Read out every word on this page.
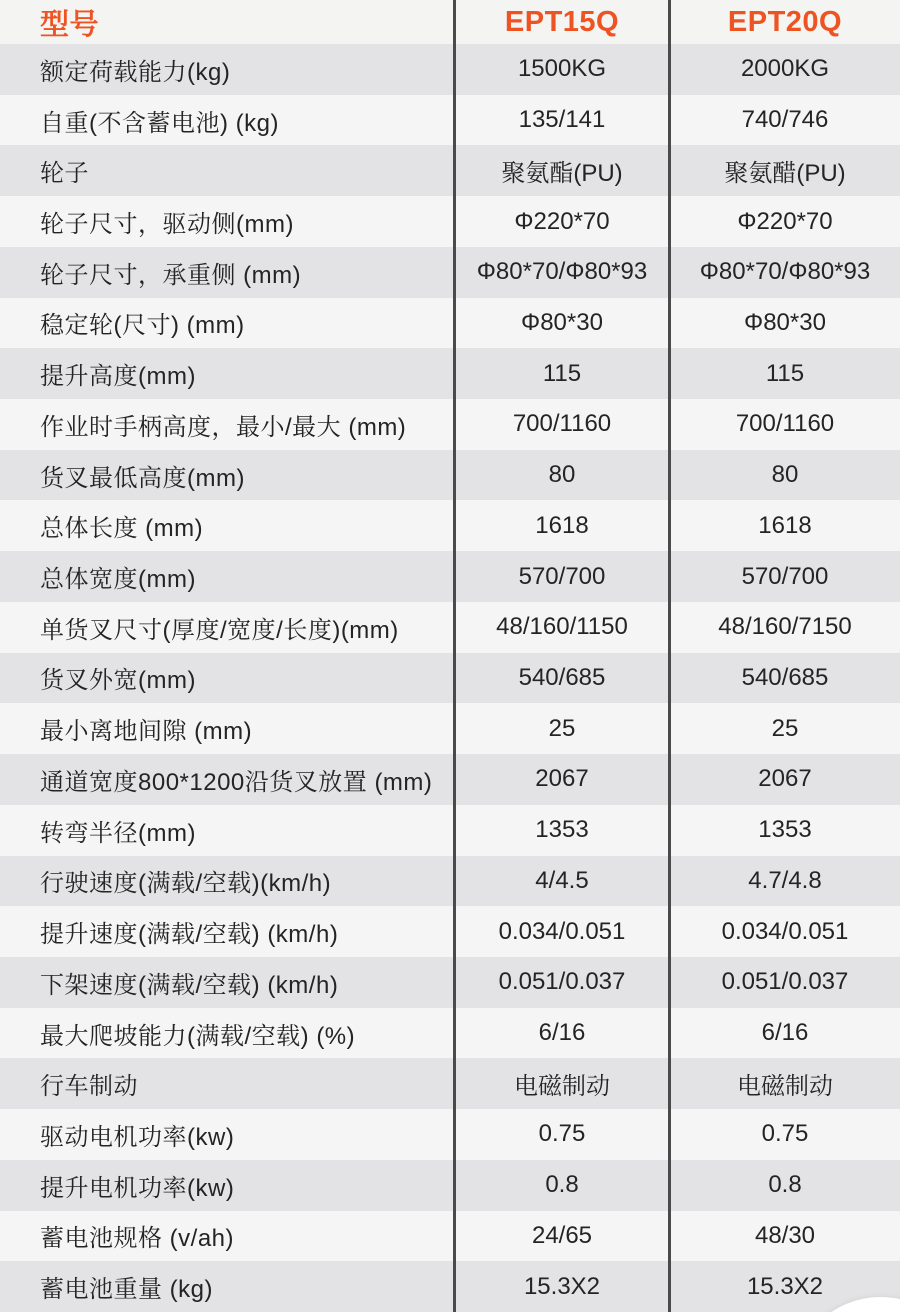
型号	EPT15Q	EPT20Q
额定荷载能力(kg)	1500KG	2000KG
自重(不含蓄电池) (kg)	135/141	740/746
轮子	聚氨酯(PU)	聚氨醋(PU)
轮子尺寸，驱动侧(mm)	Φ220*70	Φ220*70
轮子尺寸，承重侧 (mm)	Φ80*70/Φ80*93	Φ80*70/Φ80*93
稳定轮(尺寸) (mm)	Φ80*30	Φ80*30
提升高度(mm)	115	115
作业时手柄高度，最小/最大 (mm)	700/1160	700/1160
货叉最低高度(mm)	80	80
总体长度 (mm)	1618	1618
总体宽度(mm)	570/700	570/700
单货叉尺寸(厚度/宽度/长度)(mm)	48/160/1150	48/160/7150
货叉外宽(mm)	540/685	540/685
最小离地间隙 (mm)	25	25
通道宽度800*1200沿货叉放置 (mm)	2067	2067
转弯半径(mm)	1353	1353
行驶速度(满载/空载)(km/h)	4/4.5	4.7/4.8
提升速度(满载/空载) (km/h)	0.034/0.051	0.034/0.051
下架速度(满载/空载) (km/h)	0.051/0.037	0.051/0.037
最大爬坡能力(满载/空载) (%)	6/16	6/16
行车制动	电磁制动	电磁制动
驱动电机功率(kw)	0.75	0.75
提升电机功率(kw)	0.8	0.8
蓄电池规格 (v/ah)	24/65	48/30
蓄电池重量 (kg)	15.3X2	15.3X2
